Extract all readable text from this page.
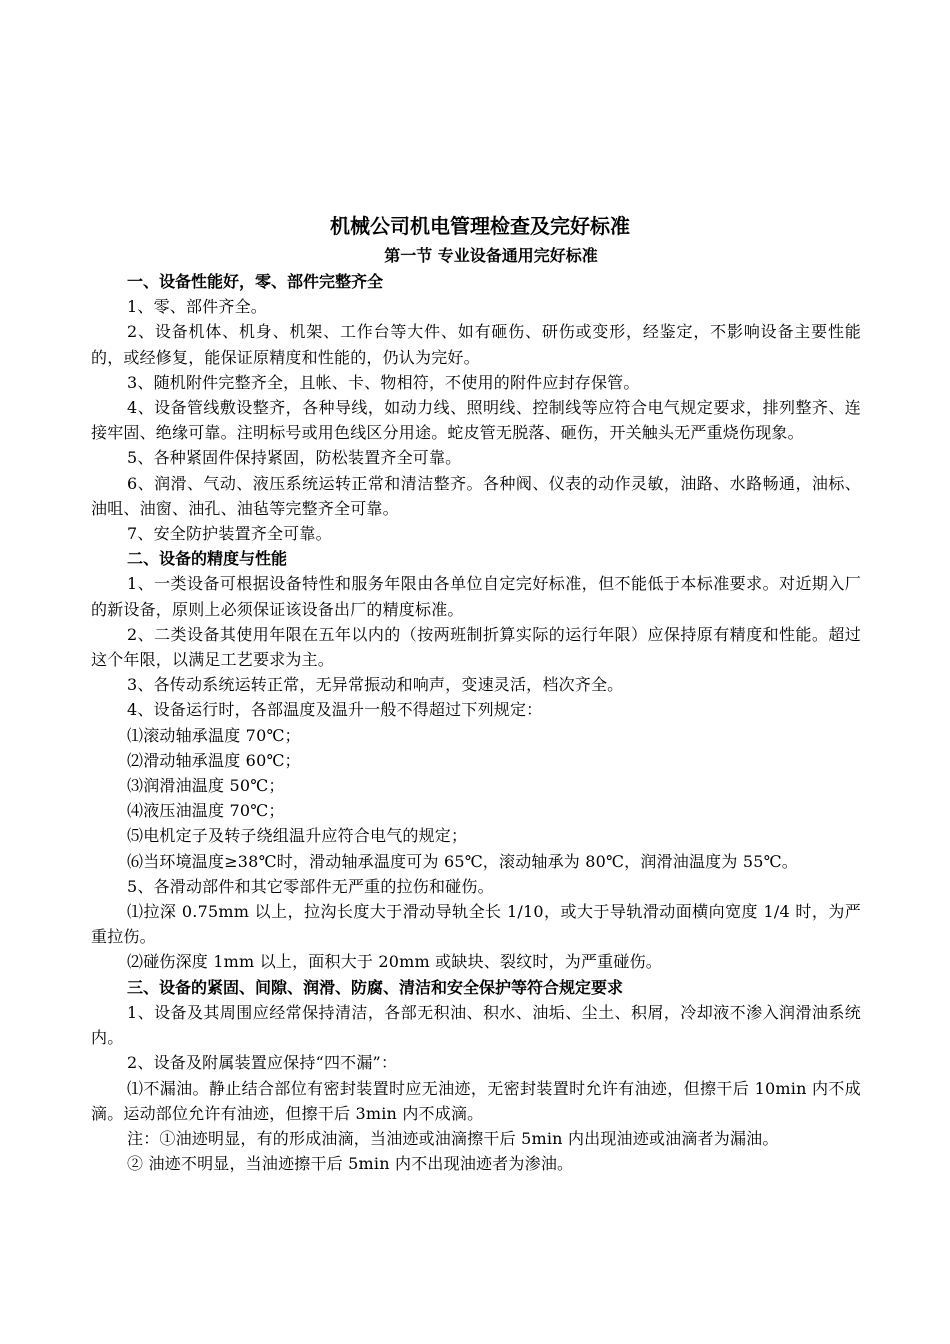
机械公司机电管理检查及完好标准
第一节 专业设备通用完好标准

一、设备性能好，零、部件完整齐全

1、零、部件齐全。

2、设备机体、机身、机架、工作台等大件、如有砸伤、研伤或变形，经鉴定，不影响设备主要性能的，或经修复，能保证原精度和性能的，仍认为完好。

3、随机附件完整齐全，且帐、卡、物相符，不使用的附件应封存保管。

4、设备管线敷设整齐，各种导线，如动力线、照明线、控制线等应符合电气规定要求，排列整齐、连接牢固、绝缘可靠。注明标号或用色线区分用途。蛇皮管无脱落、砸伤，开关触头无严重烧伤现象。

5、各种紧固件保持紧固，防松装置齐全可靠。

6、润滑、气动、液压系统运转正常和清洁整齐。各种阀、仪表的动作灵敏，油路、水路畅通，油标、油咀、油窗、油孔、油毡等完整齐全可靠。

7、安全防护装置齐全可靠。

二、设备的精度与性能

1、一类设备可根据设备特性和服务年限由各单位自定完好标准，但不能低于本标准要求。对近期入厂的新设备，原则上必须保证该设备出厂的精度标准。

2、二类设备其使用年限在五年以内的（按两班制折算实际的运行年限）应保持原有精度和性能。超过这个年限，以满足工艺要求为主。

3、各传动系统运转正常，无异常振动和响声，变速灵活，档次齐全。

4、设备运行时，各部温度及温升一般不得超过下列规定：

⑴滚动轴承温度 70℃；

⑵滑动轴承温度 60℃；

⑶润滑油温度 50℃；

⑷液压油温度 70℃；

⑸电机定子及转子绕组温升应符合电气的规定；

⑹当环境温度≥38℃时，滑动轴承温度可为 65℃，滚动轴承为 80℃，润滑油温度为 55℃。

5、各滑动部件和其它零部件无严重的拉伤和碰伤。

⑴拉深 0.75mm 以上，拉沟长度大于滑动导轨全长 1/10，或大于导轨滑动面横向宽度 1/4 时，为严重拉伤。

⑵碰伤深度 1mm 以上，面积大于 20mm 或缺块、裂纹时，为严重碰伤。

三、设备的紧固、间隙、润滑、防腐、清洁和安全保护等符合规定要求

1、设备及其周围应经常保持清洁，各部无积油、积水、油垢、尘土、积屑，冷却液不渗入润滑油系统内。

2、设备及附属装置应保持“四不漏”：

⑴不漏油。静止结合部位有密封装置时应无油迹，无密封装置时允许有油迹，但擦干后 10min 内不成滴。运动部位允许有油迹，但擦干后 3min 内不成滴。

注：①油迹明显，有的形成油滴，当油迹或油滴擦干后 5min 内出现油迹或油滴者为漏油。

② 油迹不明显，当油迹擦干后 5min 内不出现油迹者为渗油。
